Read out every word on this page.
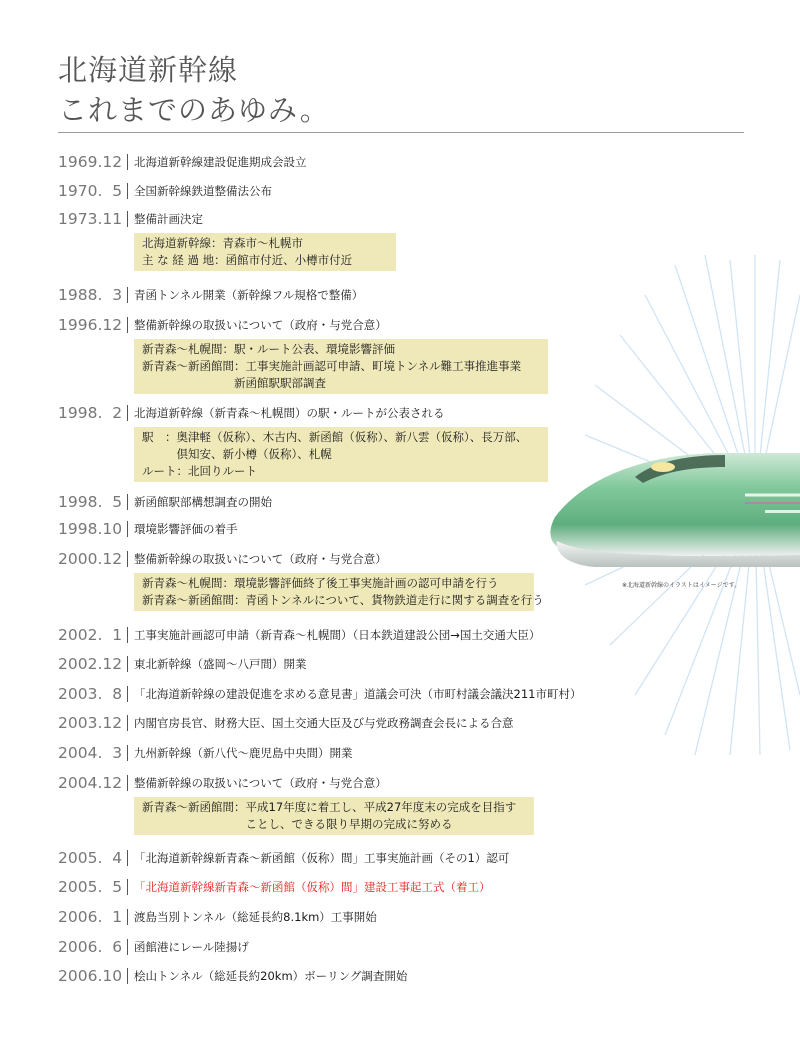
北海道新幹線
これまでのあゆみ。
※北海道新幹線のイラストはイメージです。
1969.12 北海道新幹線建設促進期成会設立
1970.  5 全国新幹線鉄道整備法公布
1973.11 整備計画決定
北海道新幹線：青森市～札幌市
主 な 経 過 地：函館市付近、小樽市付近
1988.  3 青函トンネル開業（新幹線フル規格で整備）
1996.12 整備新幹線の取扱いについて（政府・与党合意）
新青森～札幌間：駅・ルート公表、環境影響評価
新青森～新函館間：工事実施計画認可申請、町境トンネル難工事推進事業
　　　　　　　　新函館駅駅部調査
1998.  2 北海道新幹線（新青森～札幌間）の駅・ルートが公表される
駅　：奥津軽（仮称）、木古内、新函館（仮称）、新八雲（仮称）、長万部、
　　　倶知安、新小樽（仮称）、札幌
ルート：北回りルート
1998.  5 新函館駅部構想調査の開始
1998.10 環境影響評価の着手
2000.12 整備新幹線の取扱いについて（政府・与党合意）
新青森～札幌間：環境影響評価終了後工事実施計画の認可申請を行う
新青森～新函館間：青函トンネルについて、貨物鉄道走行に関する調査を行う
2002.  1 工事実施計画認可申請（新青森～札幌間）（日本鉄道建設公団→国土交通大臣）
2002.12 東北新幹線（盛岡～八戸間）開業
2003.  8 「北海道新幹線の建設促進を求める意見書」道議会可決（市町村議会議決211市町村）
2003.12 内閣官房長官、財務大臣、国土交通大臣及び与党政務調査会長による合意
2004.  3 九州新幹線（新八代～鹿児島中央間）開業
2004.12 整備新幹線の取扱いについて（政府・与党合意）
新青森～新函館間：平成17年度に着工し、平成27年度末の完成を目指す
　　　　　　　　　ことし、できる限り早期の完成に努める
2005.  4 「北海道新幹線新青森～新函館（仮称）間」工事実施計画（その1）認可
2005.  5 「北海道新幹線新青森～新函館（仮称）間」建設工事起工式（着工）
2006.  1 渡島当別トンネル（総延長約8.1km）工事開始
2006.  6 函館港にレール陸揚げ
2006.10 桧山トンネル（総延長約20km）ボーリング調査開始
